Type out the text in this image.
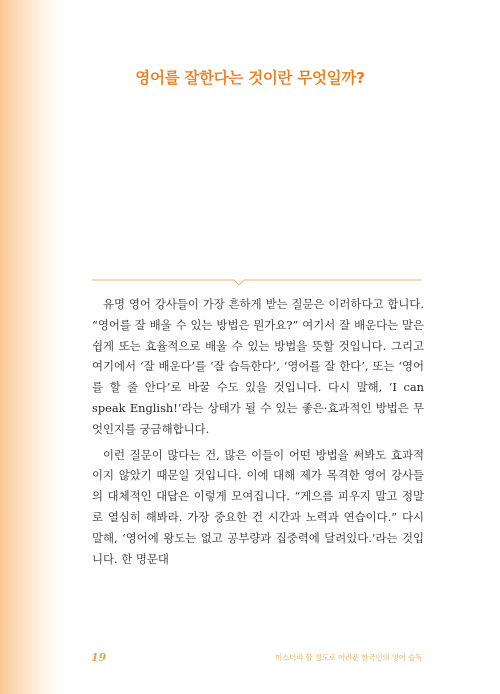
영어를 잘한다는 것이란 무엇일까?

유명 영어 강사들이 가장 흔하게 받는 질문은 이러하다고 합니다. “영어를 잘 배울 수 있는 방법은 뭔가요?” 여기서 잘 배운다는 말은 쉽게 또는 효율적으로 배울 수 있는 방법을 뜻할 것입니다. 그리고 여기에서 ‘잘 배운다’를 ‘잘 습득한다’, ‘영어를 잘 한다’, 또는 ‘영어를 할 줄 안다’로 바꿀 수도 있을 것입니다. 다시 말해, ‘I can speak English!’라는 상태가 될 수 있는 좋은·효과적인 방법은 무엇인지를 궁금해합니다.

이런 질문이 많다는 건, 많은 이들이 어떤 방법을 써봐도 효과적이지 않았기 때문일 것입니다. 이에 대해 제가 목격한 영어 강사들의 대체적인 대답은 이렇게 모여집니다. “게으름 피우지 말고 정말로 열심히 해봐라. 가장 중요한 건 시간과 노력과 연습이다.” 다시 말해, ‘영어에 왕도는 없고 공부량과 집중력에 달려있다.’라는 것입니다. 한 명문대

19	미스터리 할 정도로 어려운 한국인의 영어 습득
